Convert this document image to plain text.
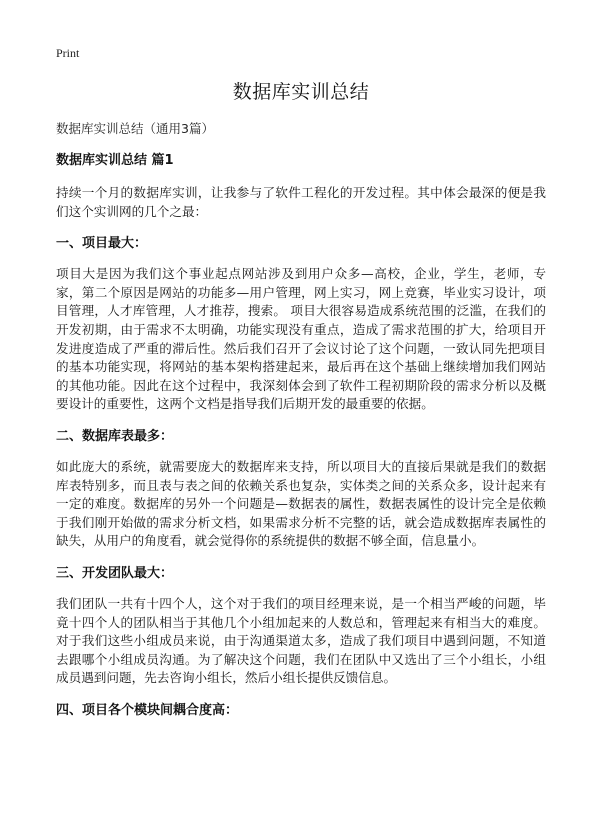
Print
数据库实训总结

数据库实训总结（通用3篇）

数据库实训总结 篇1

持续一个月的数据库实训，让我参与了软件工程化的开发过程。其中体会最深的便是我们这个实训网的几个之最：

一、项目最大：

项目大是因为我们这个事业起点网站涉及到用户众多—高校，企业，学生，老师，专家，第二个原因是网站的功能多—用户管理，网上实习，网上竞赛，毕业实习设计，项目管理，人才库管理，人才推荐，搜索。 项目大很容易造成系统范围的泛滥，在我们的开发初期，由于需求不太明确，功能实现没有重点，造成了需求范围的扩大，给项目开发进度造成了严重的滞后性。然后我们召开了会议讨论了这个问题，一致认同先把项目的基本功能实现，将网站的基本架构搭建起来，最后再在这个基础上继续增加我们网站的其他功能。因此在这个过程中，我深刻体会到了软件工程初期阶段的需求分析以及概要设计的重要性，这两个文档是指导我们后期开发的最重要的依据。

二、数据库表最多：

如此庞大的系统，就需要庞大的数据库来支持，所以项目大的直接后果就是我们的数据库表特别多，而且表与表之间的依赖关系也复杂，实体类之间的关系众多，设计起来有一定的难度。数据库的另外一个问题是—数据表的属性，数据表属性的设计完全是依赖于我们刚开始做的需求分析文档，如果需求分析不完整的话，就会造成数据库表属性的缺失，从用户的角度看，就会觉得你的系统提供的数据不够全面，信息量小。

三、开发团队最大：

我们团队一共有十四个人，这个对于我们的项目经理来说，是一个相当严峻的问题，毕竟十四个人的团队相当于其他几个小组加起来的人数总和，管理起来有相当大的难度。对于我们这些小组成员来说，由于沟通渠道太多，造成了我们项目中遇到问题，不知道去跟哪个小组成员沟通。为了解决这个问题，我们在团队中又选出了三个小组长，小组成员遇到问题，先去咨询小组长，然后小组长提供反馈信息。

四、项目各个模块间耦合度高：
